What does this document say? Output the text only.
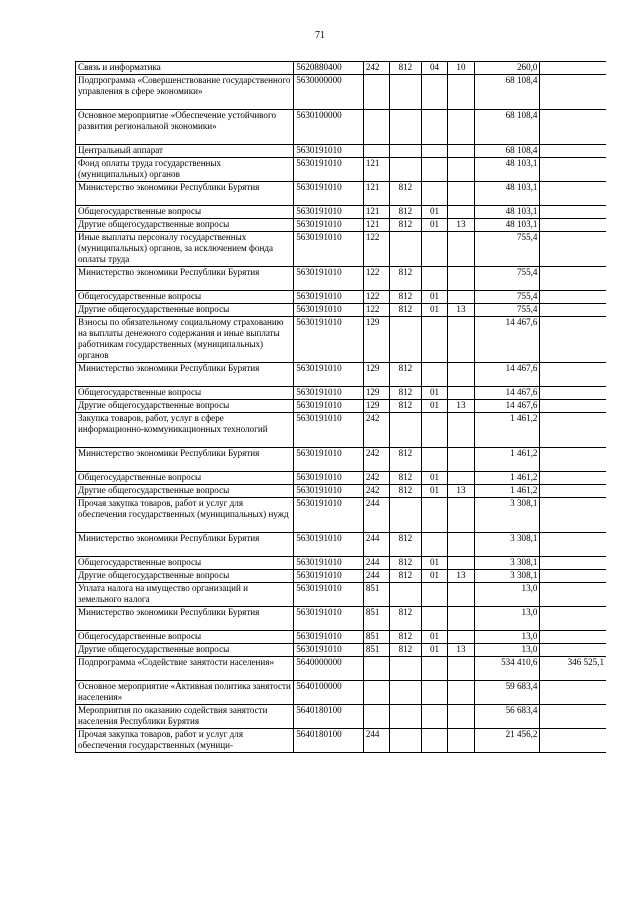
71
Связь и информатика	5620880400	242	812	04	10	260,0	
Подпрограмма «Совершенствование государственного управления в сфере экономики»	5630000000					68 108,4	
Основное мероприятие «Обеспечение устойчивого развития региональной экономики»	5630100000					68 108,4	
Центральный аппарат	5630191010					68 108,4	
Фонд оплаты труда государственных (муниципальных) органов	5630191010	121				48 103,1	
Министерство экономики Республики Бурятия	5630191010	121	812			48 103,1	
Общегосударственные вопросы	5630191010	121	812	01		48 103,1	
Другие общегосударственные вопросы	5630191010	121	812	01	13	48 103,1	
Иные выплаты персоналу государственных (муниципальных) органов, за исключением фонда оплаты труда	5630191010	122				755,4	
Министерство экономики Республики Бурятия	5630191010	122	812			755,4	
Общегосударственные вопросы	5630191010	122	812	01		755,4	
Другие общегосударственные вопросы	5630191010	122	812	01	13	755,4	
Взносы по обязательному социальному страхованию на выплаты денежного содержания и иные выплаты работникам государственных (муниципальных) органов	5630191010	129				14 467,6	
Министерство экономики Республики Бурятия	5630191010	129	812			14 467,6	
Общегосударственные вопросы	5630191010	129	812	01		14 467,6	
Другие общегосударственные вопросы	5630191010	129	812	01	13	14 467,6	
Закупка товаров, работ, услуг в сфере информационно-коммуникационных технологий	5630191010	242				1 461,2	
Министерство экономики Республики Бурятия	5630191010	242	812			1 461,2	
Общегосударственные вопросы	5630191010	242	812	01		1 461,2	
Другие общегосударственные вопросы	5630191010	242	812	01	13	1 461,2	
Прочая закупка товаров, работ и услуг для обеспечения государственных (муниципальных) нужд	5630191010	244				3 308,1	
Министерство экономики Республики Бурятия	5630191010	244	812			3 308,1	
Общегосударственные вопросы	5630191010	244	812	01		3 308,1	
Другие общегосударственные вопросы	5630191010	244	812	01	13	3 308,1	
Уплата налога на имущество организаций и земельного налога	5630191010	851				13,0	
Министерство экономики Республики Бурятия	5630191010	851	812			13,0	
Общегосударственные вопросы	5630191010	851	812	01		13,0	
Другие общегосударственные вопросы	5630191010	851	812	01	13	13,0	
Подпрограмма «Содействие занятости населения»	5640000000					534 410,6	346 525,1
Основное мероприятие «Активная политика занятости населения»	5640100000					59 683,4	
Мероприятия по оказанию содействия занятости населения Республики Бурятия	5640180100					56 683,4	
Прочая закупка товаров, работ и услуг для обеспечения государственных (муници-	5640180100	244				21 456,2	
